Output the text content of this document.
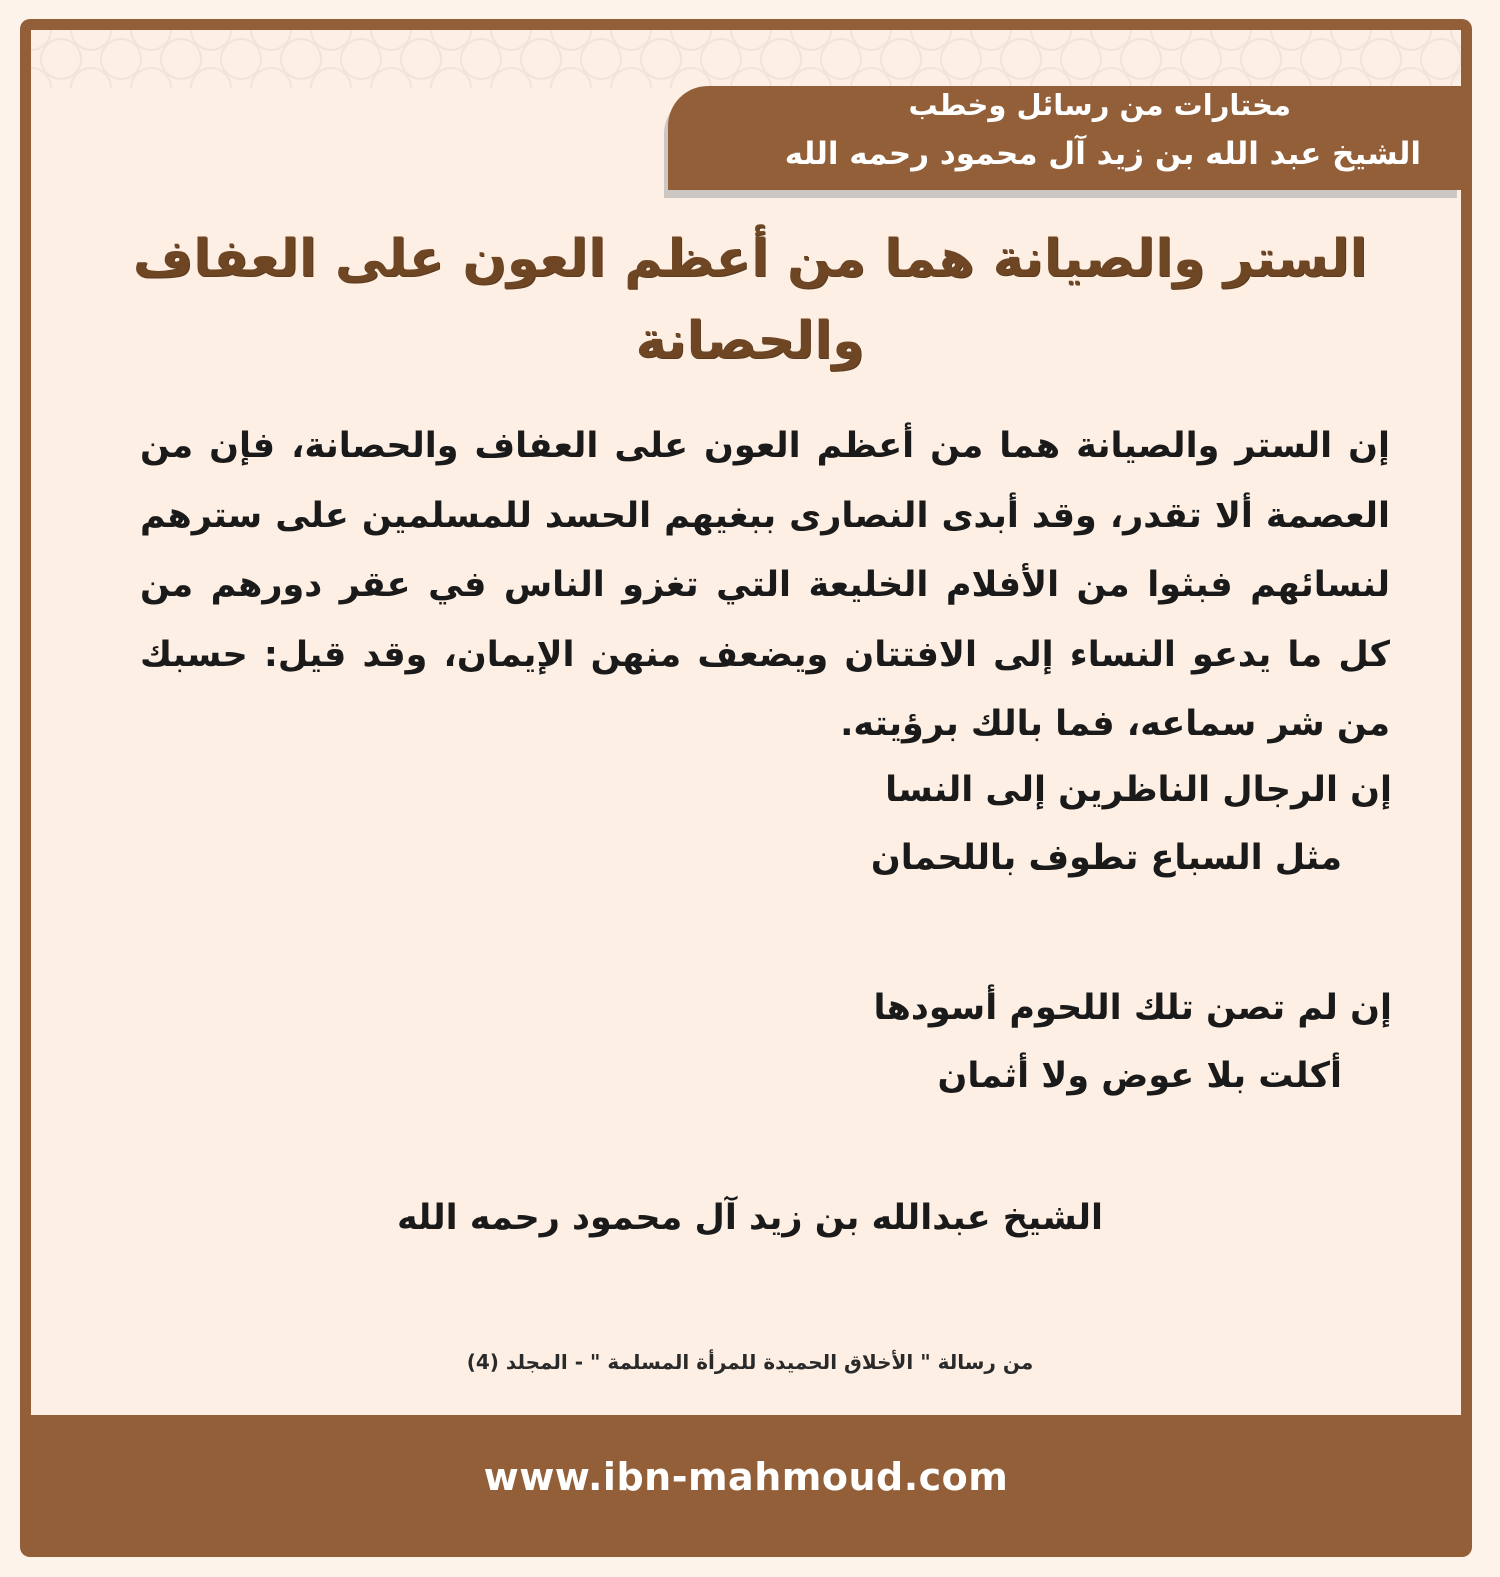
مختارات من رسائل وخطب
الشيخ عبد الله بن زيد آل محمود رحمه الله
الستر والصيانة هما من أعظم العون على العفاف والحصانة
إن الستر والصيانة هما من أعظم العون على العفاف والحصانة، فإن من العصمة ألا تقدر، وقد أبدى النصارى ببغيهم الحسد للمسلمين على سترهم لنسائهم فبثوا من الأفلام الخليعة التي تغزو الناس في عقر دورهم من كل ما يدعو النساء إلى الافتتان ويضعف منهن الإيمان، وقد قيل: حسبك من شر سماعه، فما بالك برؤيته.
إن الرجال الناظرين إلى النسا
مثل السباع تطوف باللحمان
إن لم تصن تلك اللحوم أسودها
أكلت بلا عوض ولا أثمان
الشيخ عبدالله بن زيد آل محمود رحمه الله
من رسالة " الأخلاق الحميدة للمرأة المسلمة " - المجلد (4)
www.ibn-mahmoud.com
